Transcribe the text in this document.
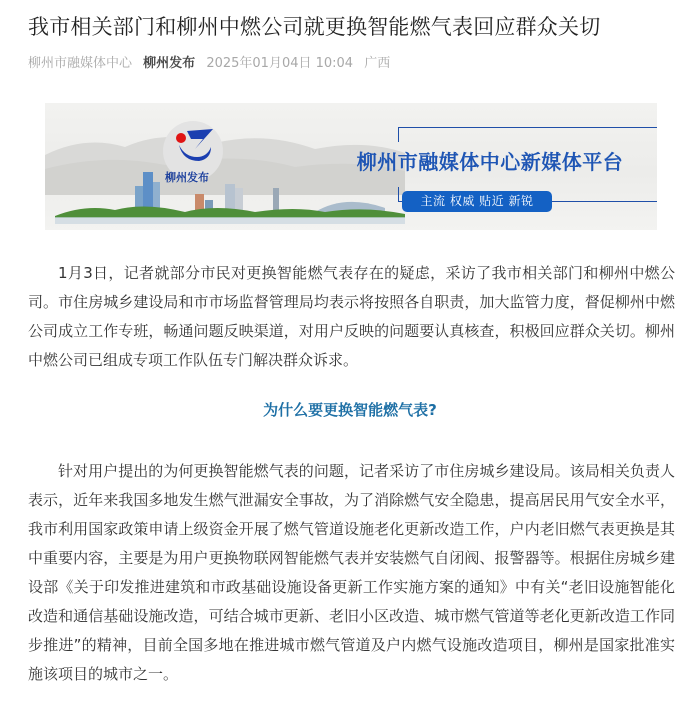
我市相关部门和柳州中燃公司就更换智能燃气表回应群众关切
柳州市融媒体中心 柳州发布 2025年01月04日 10:04 广西
柳州发布
柳州市融媒体中心新媒体平台
主流 权威 贴近 新锐

1月3日，记者就部分市民对更换智能燃气表存在的疑虑，采访了我市相关部门和柳州中燃公司。市住房城乡建设局和市市场监督管理局均表示将按照各自职责，加大监管力度，督促柳州中燃公司成立工作专班，畅通问题反映渠道，对用户反映的问题要认真核查，积极回应群众关切。柳州中燃公司已组成专项工作队伍专门解决群众诉求。

为什么要更换智能燃气表?

针对用户提出的为何更换智能燃气表的问题，记者采访了市住房城乡建设局。该局相关负责人表示，近年来我国多地发生燃气泄漏安全事故，为了消除燃气安全隐患，提高居民用气安全水平，我市利用国家政策申请上级资金开展了燃气管道设施老化更新改造工作，户内老旧燃气表更换是其中重要内容，主要是为用户更换物联网智能燃气表并安装燃气自闭阀、报警器等。根据住房城乡建设部《关于印发推进建筑和市政基础设施设备更新工作实施方案的通知》中有关“老旧设施智能化改造和通信基础设施改造，可结合城市更新、老旧小区改造、城市燃气管道等老化更新改造工作同步推进”的精神，目前全国多地在推进城市燃气管道及户内燃气设施改造项目，柳州是国家批准实施该项目的城市之一。
